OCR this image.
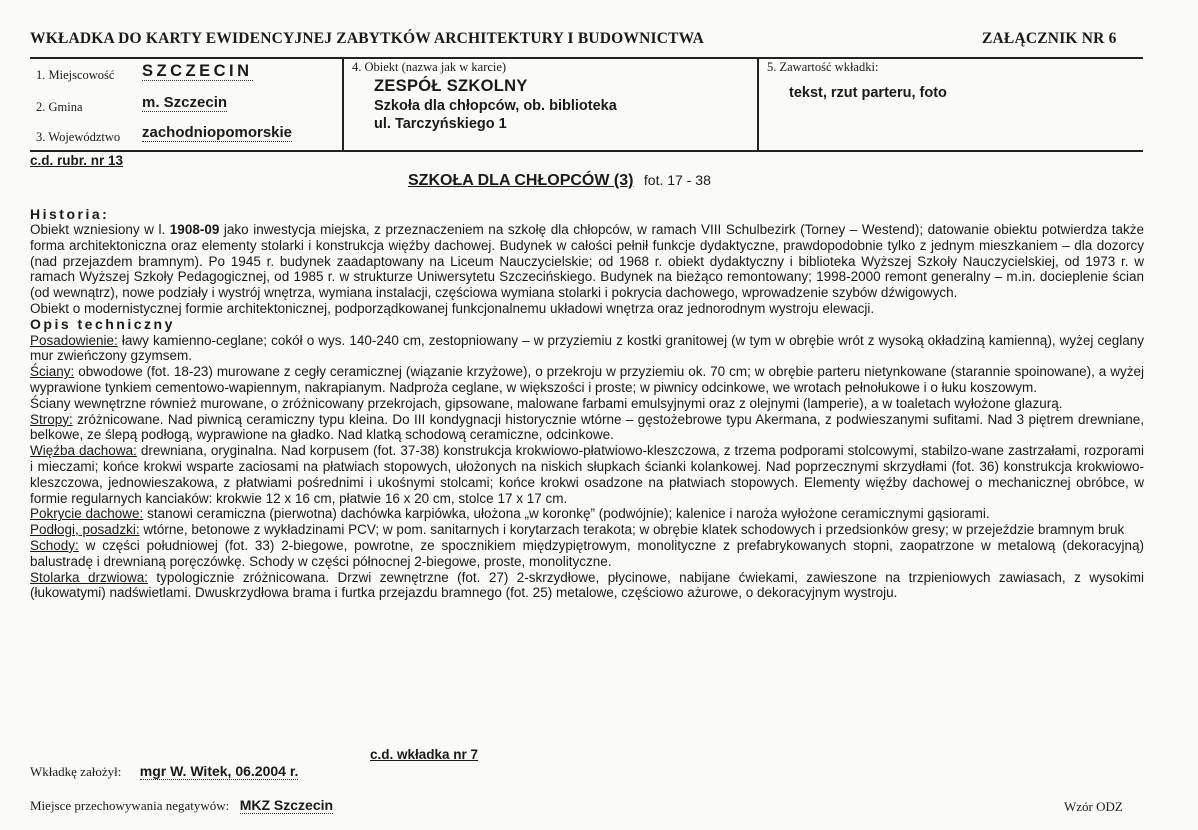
WKŁADKA DO KARTY EWIDENCYJNEJ ZABYTKÓW ARCHITEKTURY I BUDOWNICTWA	ZAŁĄCZNIK NR 6
1. Miejscowość SZCZECIN
2. Gmina	m. Szczecin
3. Województwo zachodniopomorskie
4. Obiekt (nazwa jak w karcie)
ZESPÓŁ SZKOLNY
Szkoła dla chłopców, ob. biblioteka
ul. Tarczyńskiego 1
5. Zawartość wkładki:
tekst, rzut parteru, foto
c.d. rubr. nr 13
SZKOŁA DLA CHŁOPCÓW (3) fot. 17 - 38
Historia:

Obiekt wzniesiony w l. 1908-09 jako inwestycja miejska, z przeznaczeniem na szkołę dla chłopców, w ramach VIII Schulbezirk (Torney – Westend); datowanie obiektu potwierdza także forma architektoniczna oraz elementy stolarki i konstrukcja więźby dachowej. Budynek w całości pełnił funkcje dydaktyczne, prawdopodobnie tylko z jednym mieszkaniem – dla dozorcy (nad przejazdem bramnym). Po 1945 r. budynek zaadaptowany na Liceum Nauczycielskie; od 1968 r. obiekt dydaktyczny i biblioteka Wyższej Szkoły Nauczycielskiej, od 1973 r. w ramach Wyższej Szkoły Pedagogicznej, od 1985 r. w strukturze Uniwersytetu Szczecińskiego. Budynek na bieżąco remontowany; 1998-2000 remont generalny – m.in. docieplenie ścian (od wewnątrz), nowe podziały i wystrój wnętrza, wymiana instalacji, częściowa wymiana stolarki i pokrycia dachowego, wprowadzenie szybów dźwigowych.

Obiekt o modernistycznej formie architektonicznej, podporządkowanej funkcjonalnemu układowi wnętrza oraz jednorodnym wystroju elewacji.

Opis techniczny

Posadowienie: ławy kamienno-ceglane; cokół o wys. 140-240 cm, zestopniowany – w przyziemiu z kostki granitowej (w tym w obrębie wrót z wysoką okładziną kamienną), wyżej ceglany mur zwieńczony gzymsem.

Ściany: obwodowe (fot. 18-23) murowane z cegły ceramicznej (wiązanie krzyżowe), o przekroju w przyziemiu ok. 70 cm; w obrębie parteru nietynkowane (starannie spoinowane), a wyżej wyprawione tynkiem cementowo-wapiennym, nakrapianym. Nadproża ceglane, w większości i proste; w piwnicy odcinkowe, we wrotach pełnołukowe i o łuku koszowym.

Ściany wewnętrzne również murowane, o zróżnicowany przekrojach, gipsowane, malowane farbami emulsyjnymi oraz z olejnymi (lamperie), a w toaletach wyłożone glazurą.

Stropy: zróżnicowane. Nad piwnicą ceramiczny typu kleina. Do III kondygnacji historycznie wtórne – gęstożebrowe typu Akermana, z podwieszanymi sufitami. Nad 3 piętrem drewniane, belkowe, ze ślepą podłogą, wyprawione na gładko. Nad klatką schodową ceramiczne, odcinkowe.

Więźba dachowa: drewniana, oryginalna. Nad korpusem (fot. 37-38) konstrukcja krokwiowo-płatwiowo-kleszczowa, z trzema podporami stolcowymi, stabilzo-wane zastrzałami, rozporami i mieczami; końce krokwi wsparte zaciosami na płatwiach stopowych, ułożonych na niskich słupkach ścianki kolankowej. Nad poprzecznymi skrzydłami (fot. 36) konstrukcja krokwiowo-kleszczowa, jednowieszakowa, z płatwiami pośrednimi i ukośnymi stolcami; końce krokwi osadzone na płatwiach stopowych. Elementy więźby dachowej o mechanicznej obróbce, w formie regularnych kanciaków: krokwie 12 x 16 cm, płatwie 16 x 20 cm, stolce 17 x 17 cm.

Pokrycie dachowe: stanowi ceramiczna (pierwotna) dachówka karpiówka, ułożona „w koronkę” (podwójnie); kalenice i naroża wyłożone ceramicznymi gąsiorami.

Podłogi, posadzki: wtórne, betonowe z wykładzinami PCV; w pom. sanitarnych i korytarzach terakota; w obrębie klatek schodowych i przedsionków gresy; w przejeździe bramnym bruk

Schody: w części południowej (fot. 33) 2-biegowe, powrotne, ze spocznikiem międzypiętrowym, monolityczne z prefabrykowanych stopni, zaopatrzone w metalową (dekoracyjną) balustradę i drewnianą poręczówkę. Schody w części północnej 2-biegowe, proste, monolityczne.

Stolarka drzwiowa: typologicznie zróżnicowana. Drzwi zewnętrzne (fot. 27) 2-skrzydłowe, płycinowe, nabijane ćwiekami, zawieszone na trzpieniowych zawiasach, z wysokimi (łukowatymi) nadświetlami. Dwuskrzydłowa brama i furtka przejazdu bramnego (fot. 25) metalowe, częściowo ażurowe, o dekoracyjnym wystroju.

c.d. wkładka nr 7
Wkładkę założył: mgr W. Witek, 06.2004 r.
Miejsce przechowywania negatywów: MKZ Szczecin	Wzór ODZ
